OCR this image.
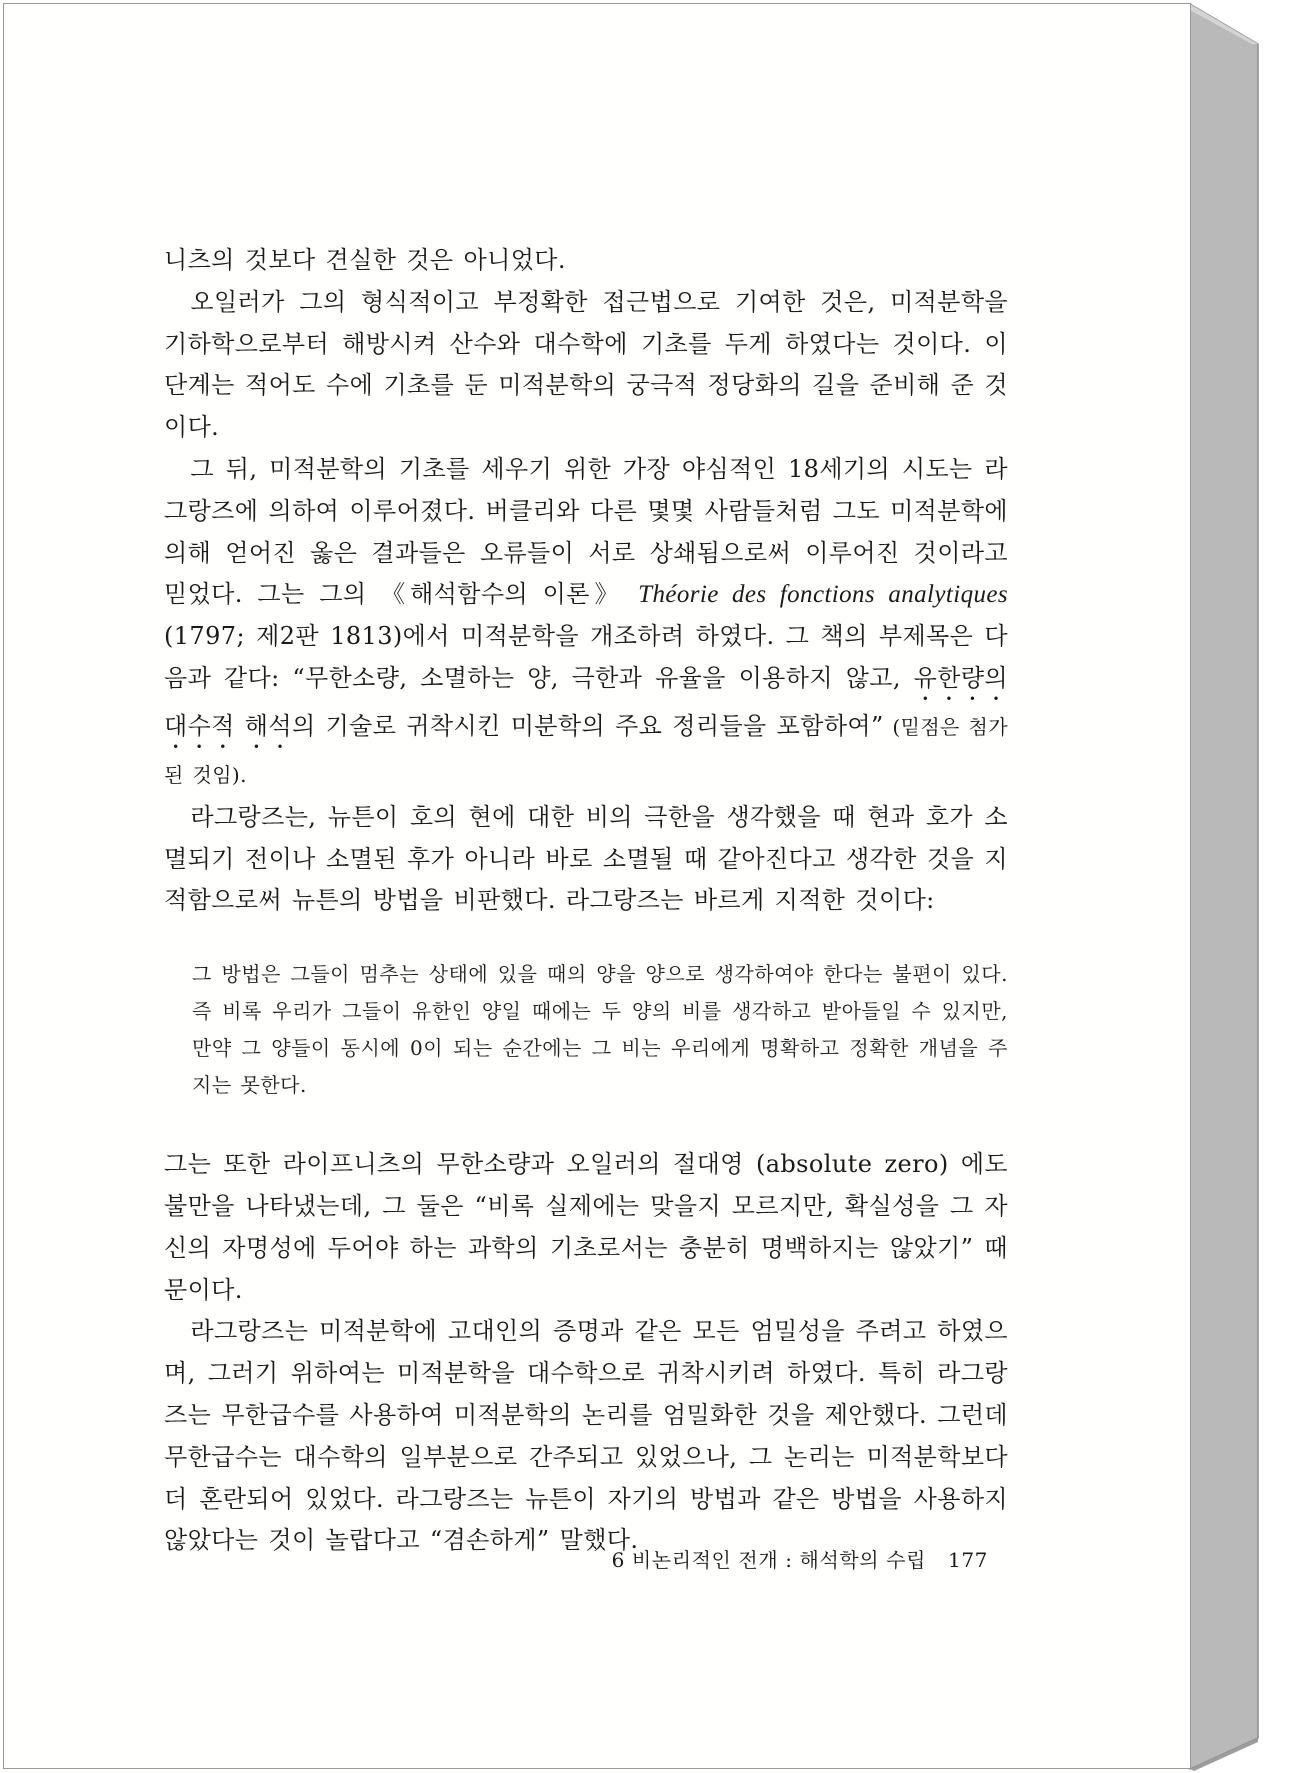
니츠의 것보다 견실한 것은 아니었다.

오일러가 그의 형식적이고 부정확한 접근법으로 기여한 것은, 미적분학을 기하학으로부터 해방시켜 산수와 대수학에 기초를 두게 하였다는 것이다. 이 단계는 적어도 수에 기초를 둔 미적분학의 궁극적 정당화의 길을 준비해 준 것이다.

그 뒤, 미적분학의 기초를 세우기 위한 가장 야심적인 18세기의 시도는 라그랑즈에 의하여 이루어졌다. 버클리와 다른 몇몇 사람들처럼 그도 미적분학에 의해 얻어진 옳은 결과들은 오류들이 서로 상쇄됨으로써 이루어진 것이라고 믿었다. 그는 그의 《해석함수의 이론》 Théorie des fonctions analytiques (1797; 제2판 1813)에서 미적분학을 개조하려 하였다. 그 책의 부제목은 다음과 같다: “무한소량, 소멸하는 양, 극한과 유율을 이용하지 않고, 유한량의 대수적 해석의 기술로 귀착시킨 미분학의 주요 정리들을 포함하여” (밑점은 첨가된 것임).

라그랑즈는, 뉴튼이 호의 현에 대한 비의 극한을 생각했을 때 현과 호가 소멸되기 전이나 소멸된 후가 아니라 바로 소멸될 때 같아진다고 생각한 것을 지적함으로써 뉴튼의 방법을 비판했다. 라그랑즈는 바르게 지적한 것이다:

그 방법은 그들이 멈추는 상태에 있을 때의 양을 양으로 생각하여야 한다는 불편이 있다. 즉 비록 우리가 그들이 유한인 양일 때에는 두 양의 비를 생각하고 받아들일 수 있지만, 만약 그 양들이 동시에 0이 되는 순간에는 그 비는 우리에게 명확하고 정확한 개념을 주지는 못한다.

그는 또한 라이프니츠의 무한소량과 오일러의 절대영 (absolute zero) 에도 불만을 나타냈는데, 그 둘은 “비록 실제에는 맞을지 모르지만, 확실성을 그 자신의 자명성에 두어야 하는 과학의 기초로서는 충분히 명백하지는 않았기” 때문이다.

라그랑즈는 미적분학에 고대인의 증명과 같은 모든 엄밀성을 주려고 하였으며, 그러기 위하여는 미적분학을 대수학으로 귀착시키려 하였다. 특히 라그랑즈는 무한급수를 사용하여 미적분학의 논리를 엄밀화한 것을 제안했다. 그런데 무한급수는 대수학의 일부분으로 간주되고 있었으나, 그 논리는 미적분학보다 더 혼란되어 있었다. 라그랑즈는 뉴튼이 자기의 방법과 같은 방법을 사용하지 않았다는 것이 놀랍다고 “겸손하게” 말했다.

6 비논리적인 전개 : 해석학의 수립 177
